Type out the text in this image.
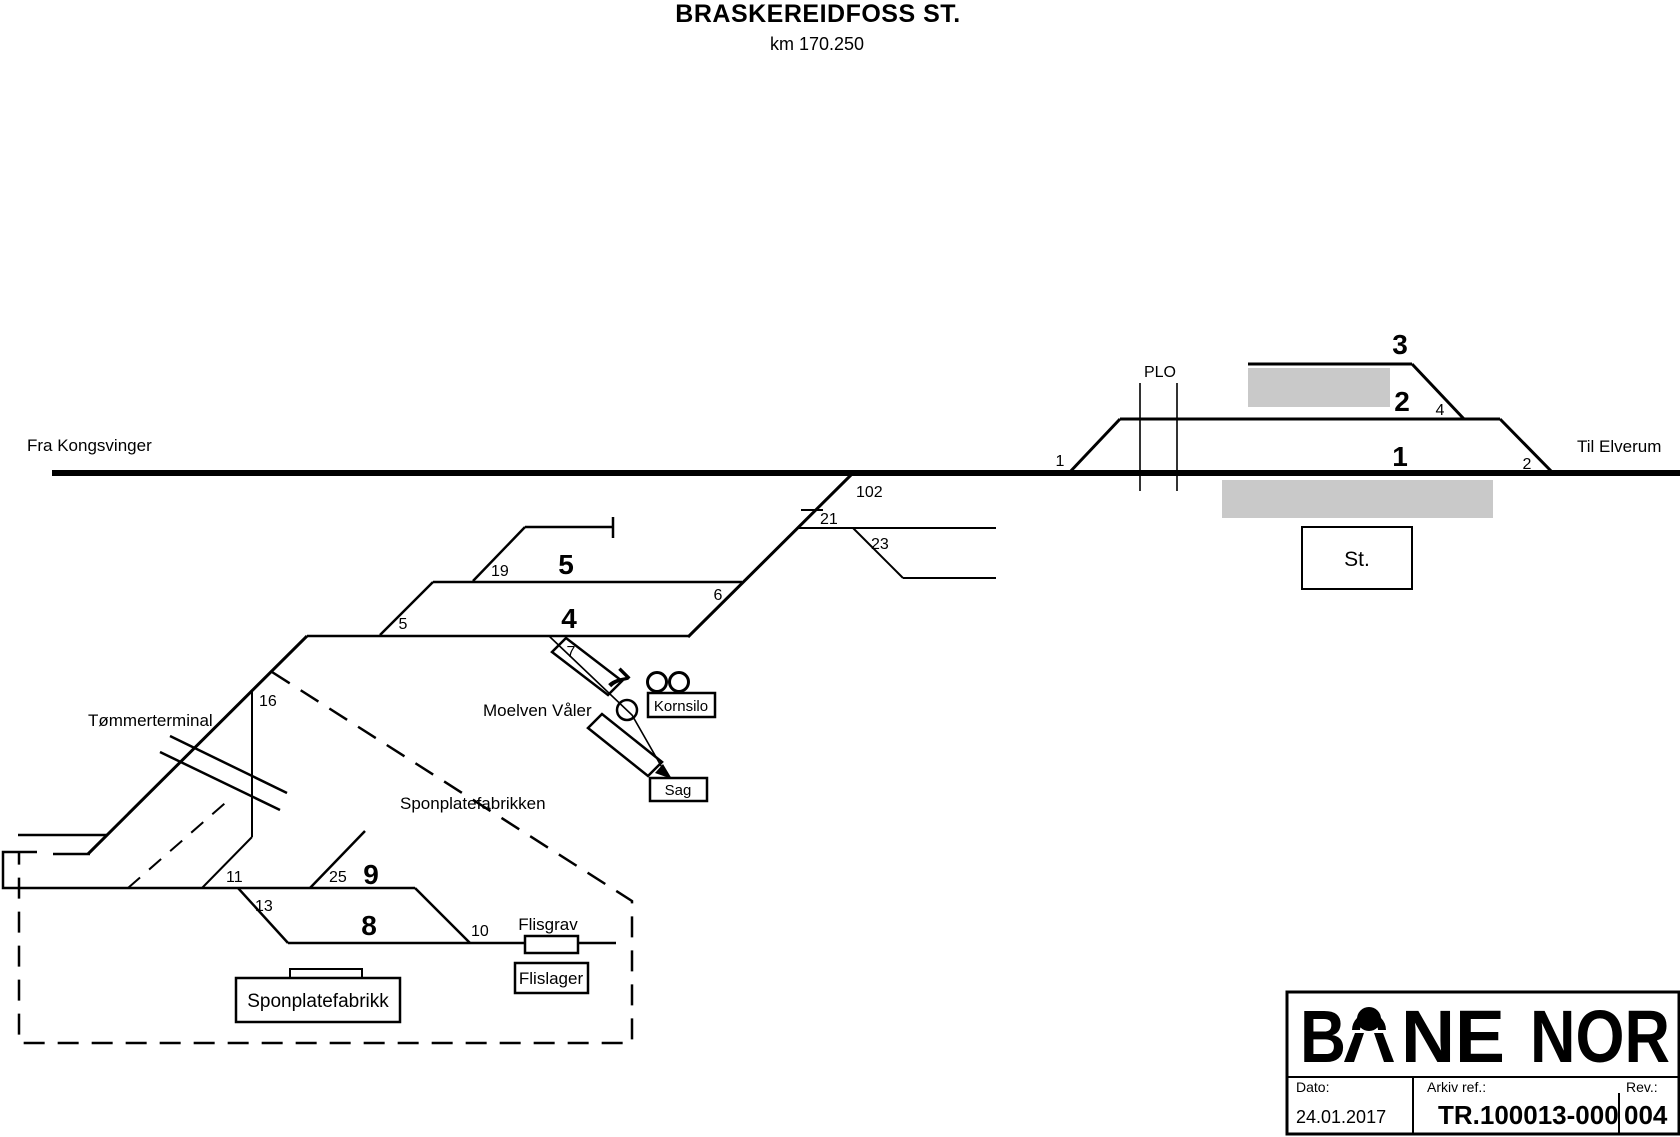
BRASKEREIDFOSS ST.
km 170.250
Fra Kongsvinger	Til Elverum
PLO
St.
1
2
3
4
5
7
8
9
1	2
4
102
21
23
19
5
6
7
16
11	25
13
10
Tømmerterminal
Moelven Våler
Sponplatefabrikken
Kornsilo
Sag
Flisgrav
Flislager
Sponplatefabrikk	B NE NOR
Dato:
24.01.2017
Arkiv ref.:
TR.100013-000
Rev.:
004
